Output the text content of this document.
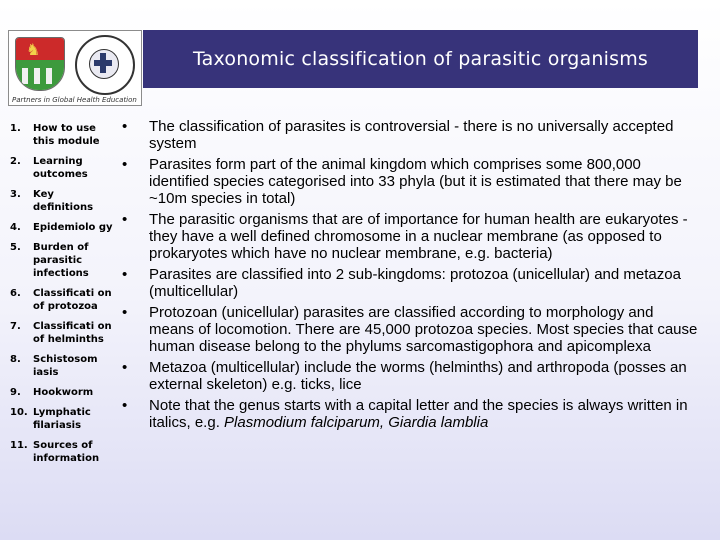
♞
Partners in Global Health Education
Taxonomic classification of parasitic organisms
1.	How to use this module
2.	Learning outcomes
3.	Key definitions
4.	Epidemiolo gy
5.	Burden of parasitic infections
6.	Classificati on of protozoa
7.	Classificati on of helminths
8.	Schistosom iasis
9.	Hookworm
10. Lymphatic filariasis
11. Sources of information
• The classification of parasites is controversial - there is no universally accepted system
• Parasites form part of the animal kingdom which comprises some 800,000 identified species categorised into 33 phyla (but it is estimated that there may be ~10m species in total)
• The parasitic organisms that are of importance for human health are eukaryotes - they have a well defined chromosome in a nuclear membrane (as opposed to prokaryotes which have no nuclear membrane, e.g. bacteria)
• Parasites are classified into 2 sub-kingdoms: protozoa (unicellular) and metazoa (multicellular)
• Protozoan (unicellular) parasites are classified according to morphology and means of locomotion. There are 45,000 protozoa species. Most species that cause human disease belong to the phylums sarcomastigophora and apicomplexa
• Metazoa (multicellular) include the worms (helminths) and arthropoda (posses an external skeleton) e.g. ticks, lice
• Note that the genus starts with a capital letter and the species is always written in italics, e.g. Plasmodium falciparum, Giardia lamblia
